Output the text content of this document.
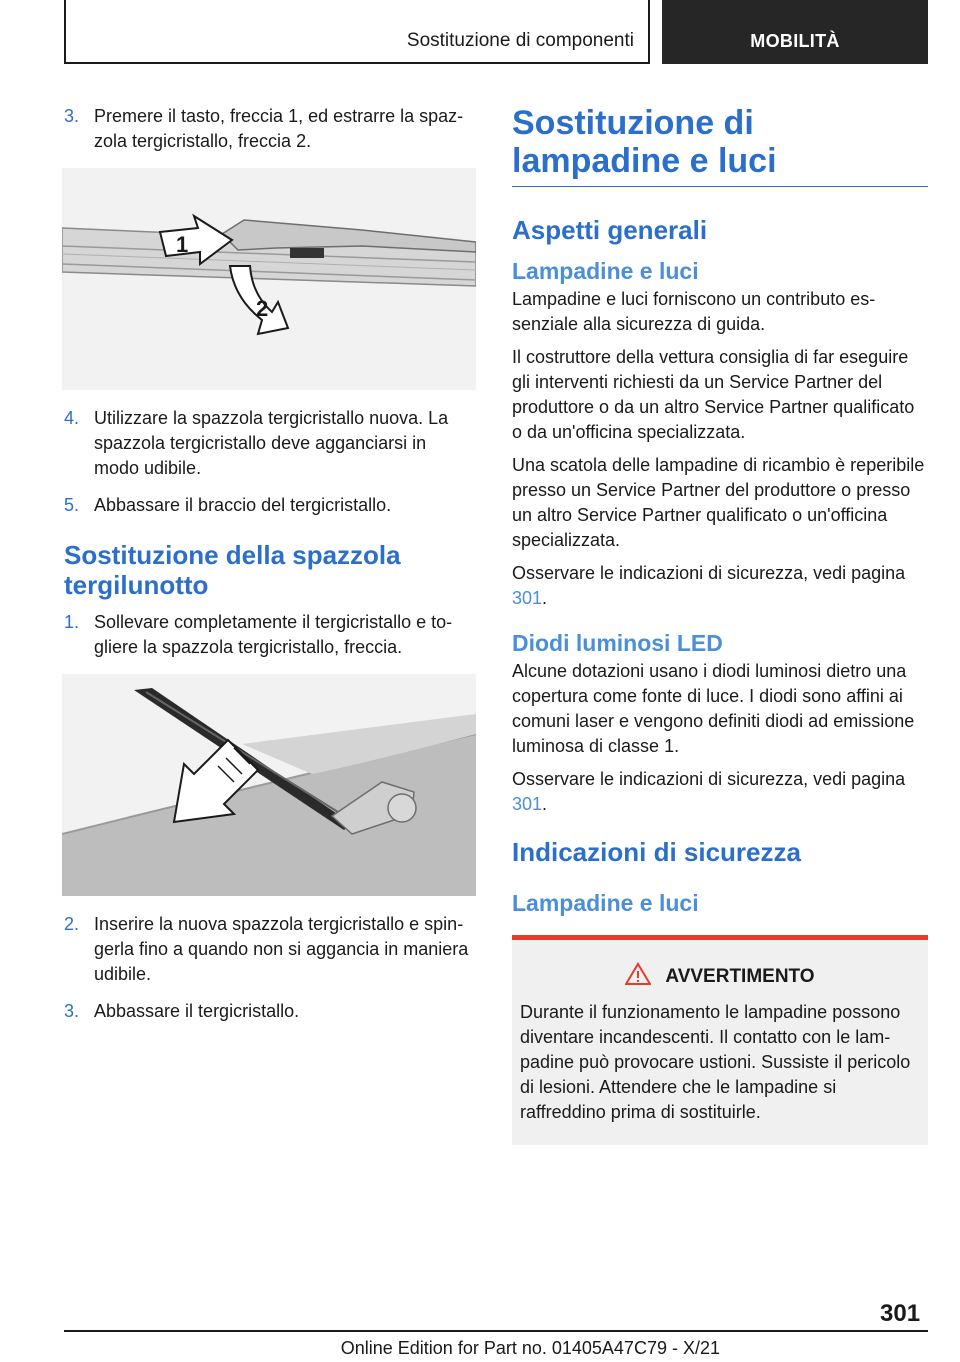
Sostituzione di componenti	MOBILITÀ
3. Premere il tasto, freccia 1, ed estrarre la spazzola tergicristallo, freccia 2.
1
2
4. Utilizzare la spazzola tergicristallo nuova. La spazzola tergicristallo deve agganciarsi in modo udibile.
5. Abbassare il braccio del tergicristallo.
Sostituzione della spazzola tergilunotto
1. Sollevare completamente il tergicristallo e togliere la spazzola tergicristallo, freccia.
2. Inserire la nuova spazzola tergicristallo e spingerla fino a quando non si aggancia in maniera udibile.
3. Abbassare il tergicristallo.
Sostituzione di lampadine e luci
Aspetti generali
Lampadine e luci

Lampadine e luci forniscono un contributo essenziale alla sicurezza di guida.

Il costruttore della vettura consiglia di far eseguire gli interventi richiesti da un Service Partner del produttore o da un altro Service Partner qualificato o da un'officina specializzata.

Una scatola delle lampadine di ricambio è reperibile presso un Service Partner del produttore o presso un altro Service Partner qualificato o un'officina specializzata.

Osservare le indicazioni di sicurezza, vedi pagina 301.

Diodi luminosi LED

Alcune dotazioni usano i diodi luminosi dietro una copertura come fonte di luce. I diodi sono affini ai comuni laser e vengono definiti diodi ad emissione luminosa di classe 1.

Osservare le indicazioni di sicurezza, vedi pagina 301.

Indicazioni di sicurezza
Lampadine e luci
AVVERTIMENTO
Durante il funzionamento le lampadine possono diventare incandescenti. Il contatto con le lampadine può provocare ustioni. Sussiste il pericolo di lesioni. Attendere che le lampadine si raffreddino prima di sostituirle.
301
Online Edition for Part no. 01405A47C79 - X/21
